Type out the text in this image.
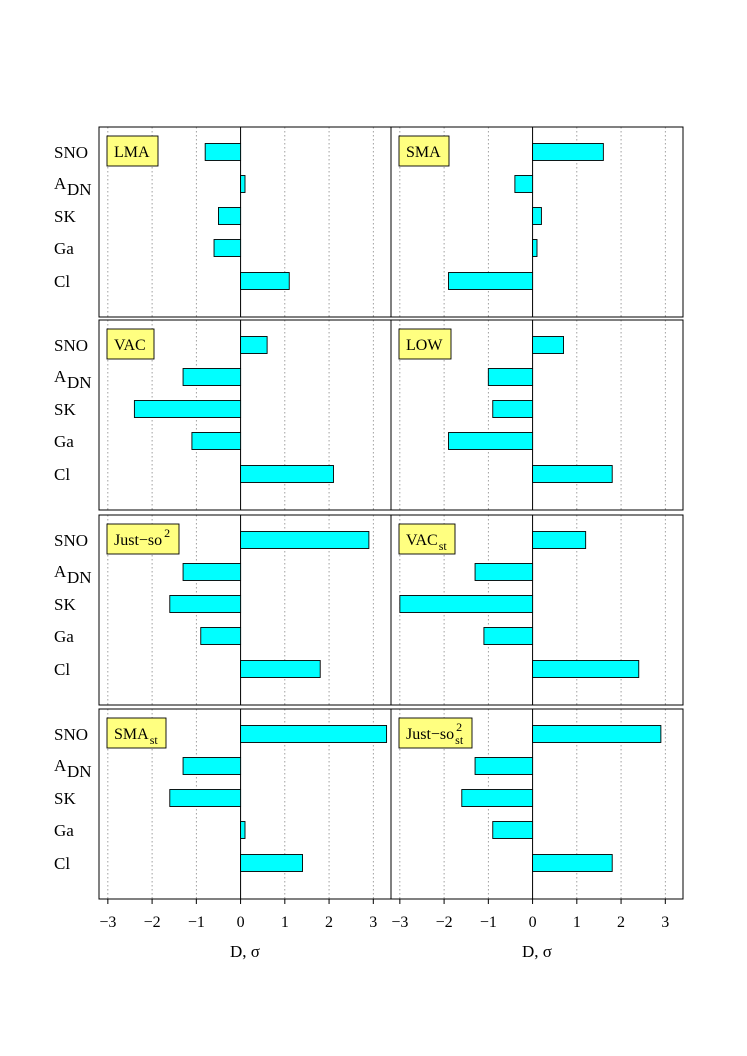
LMA	SMA
VAC	LOW
Just−so 2	VAC st
SMA st	Just−so 2
st
SNO
A DN
SK
Ga
Cl
SNO
A DN
SK
Ga
Cl
SNO
A DN
SK
Ga
Cl
SNO
A DN
SK
Ga
Cl
−3 −2 −1 0 1 2 3
D, σ
−3 −2 −1 0 1 2 3
D, σ
